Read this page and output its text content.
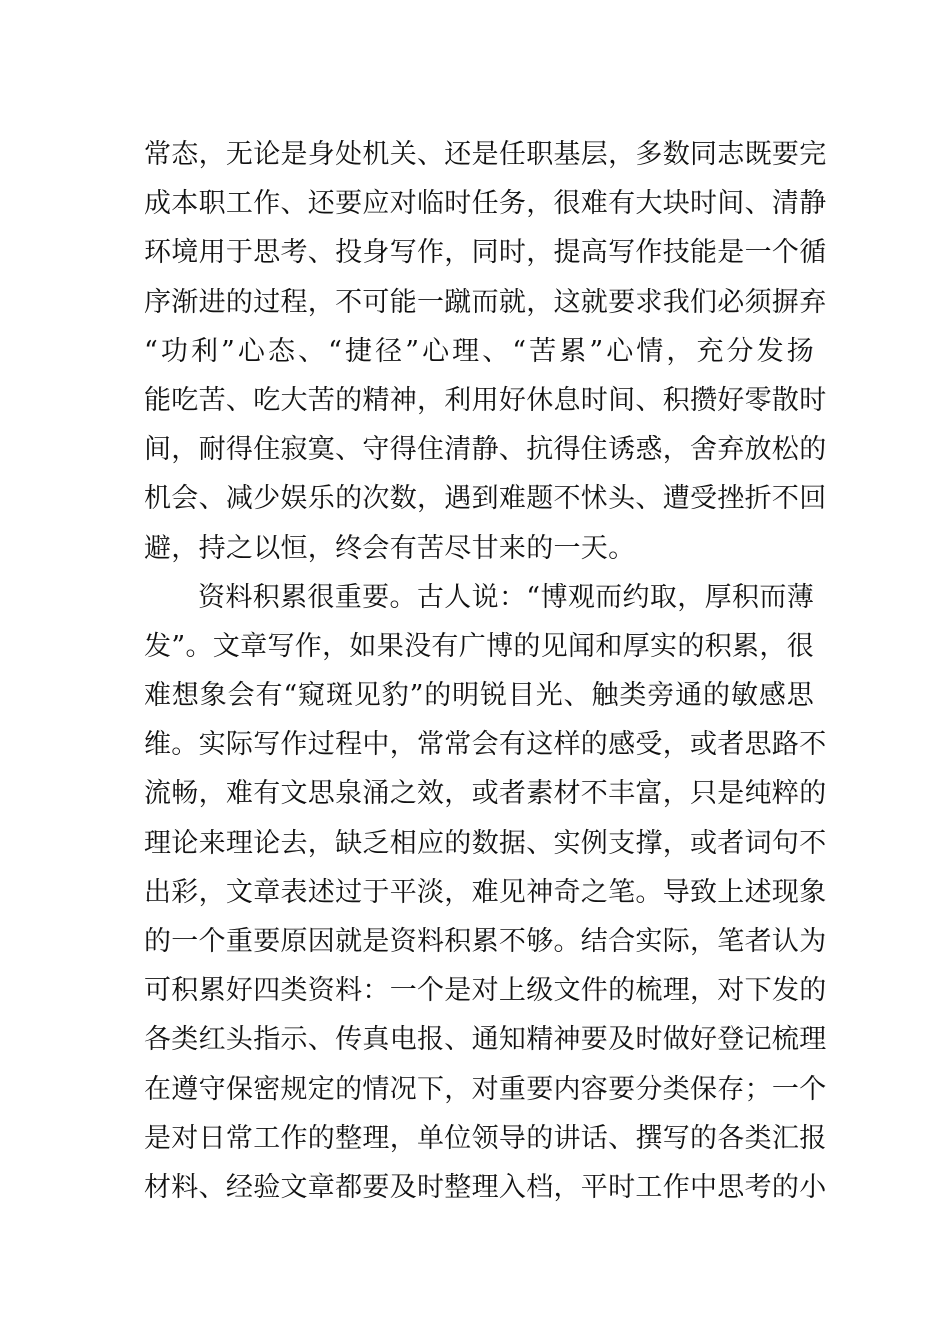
常态，无论是身处机关、还是任职基层，多数同志既要完
成本职工作、还要应对临时任务，很难有大块时间、清静
环境用于思考、投身写作，同时，提高写作技能是一个循
序渐进的过程，不可能一蹴而就，这就要求我们必须摒弃
“功利”心态、“捷径”心理、“苦累”心情，充分发扬
能吃苦、吃大苦的精神，利用好休息时间、积攒好零散时
间，耐得住寂寞、守得住清静、抗得住诱惑，舍弃放松的
机会、减少娱乐的次数，遇到难题不怵头、遭受挫折不回
避，持之以恒，终会有苦尽甘来的一天。
资料积累很重要。古人说：“博观而约取，厚积而薄
发”。文章写作，如果没有广博的见闻和厚实的积累，很
难想象会有“窥斑见豹”的明锐目光、触类旁通的敏感思
维。实际写作过程中，常常会有这样的感受，或者思路不
流畅，难有文思泉涌之效，或者素材不丰富，只是纯粹的
理论来理论去，缺乏相应的数据、实例支撑，或者词句不
出彩，文章表述过于平淡，难见神奇之笔。导致上述现象
的一个重要原因就是资料积累不够。结合实际，笔者认为
可积累好四类资料：一个是对上级文件的梳理，对下发的
各类红头指示、传真电报、通知精神要及时做好登记梳理
在遵守保密规定的情况下，对重要内容要分类保存；一个
是对日常工作的整理，单位领导的讲话、撰写的各类汇报
材料、经验文章都要及时整理入档，平时工作中思考的小
